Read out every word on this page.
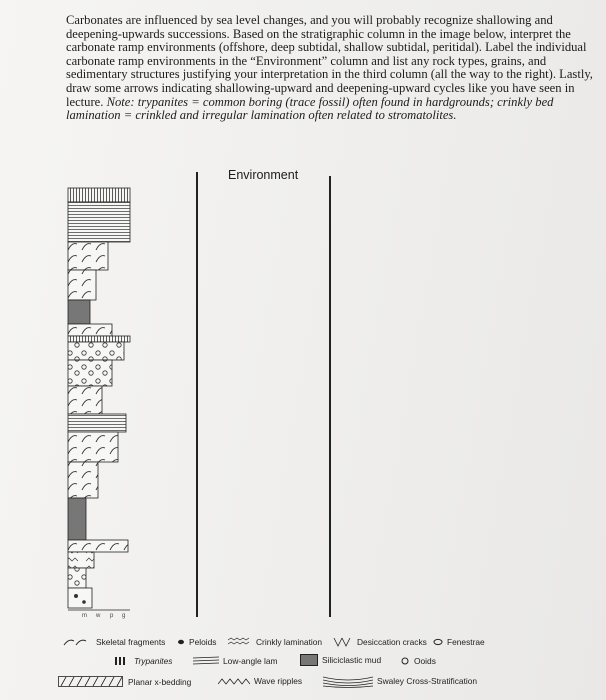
Carbonates are influenced by sea level changes, and you will probably recognize shallowing and deepening-upwards successions. Based on the stratigraphic column in the image below, interpret the carbonate ramp environments (offshore, deep subtidal, shallow subtidal, peritidal). Label the individual carbonate ramp environments in the “Environment” column and list any rock types, grains, and sedimentary structures justifying your interpretation in the third column (all the way to the right). Lastly, draw some arrows indicating shallowing-upward and deepening-upward cycles like you have seen in lecture. Note: trypanites = common boring (trace fossil) often found in hardgrounds; crinkly bed lamination = crinkled and irregular lamination often related to stromatolites.

Environment
m w p g
Skeletal fragments	Peloids	Crinkly lamination	Desiccation cracks Fenestrae
Trypanites	Low-angle lam	Siliciclastic mud	Ooids
Planar x-bedding	Wave ripples	Swaley Cross-Stratification
